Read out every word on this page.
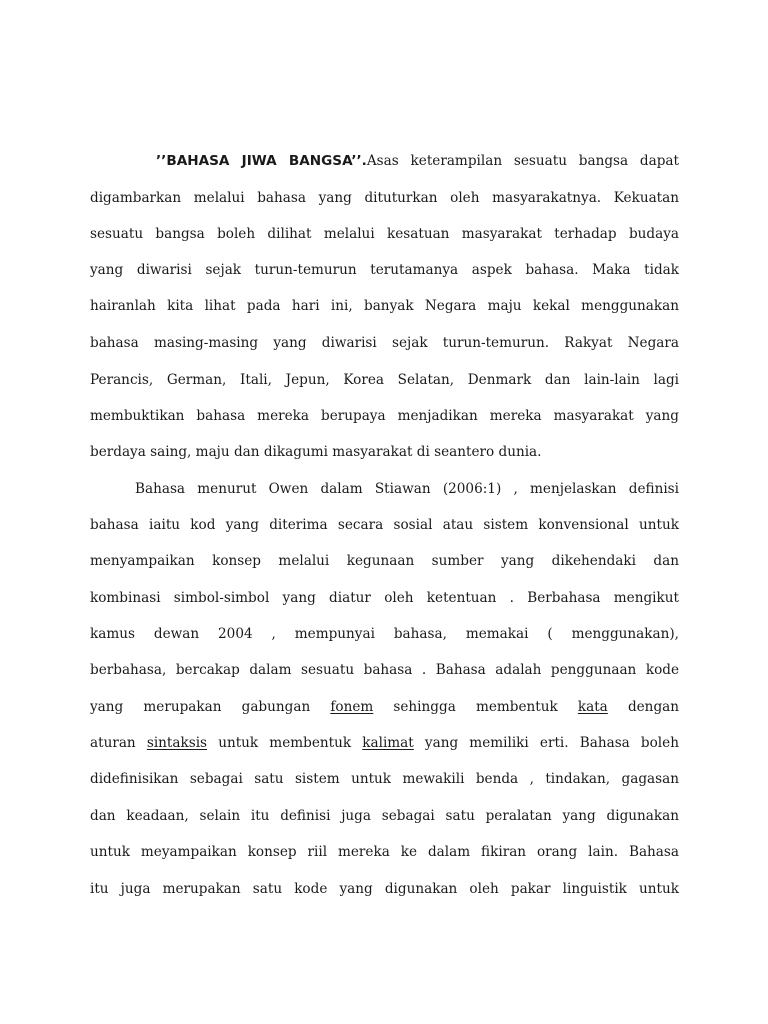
’’BAHASA JIWA BANGSA’’.Asas keterampilan sesuatu bangsa dapat
digambarkan melalui bahasa yang dituturkan oleh masyarakatnya. Kekuatan
sesuatu bangsa boleh dilihat melalui kesatuan masyarakat terhadap budaya
yang diwarisi sejak turun-temurun terutamanya aspek bahasa. Maka tidak
hairanlah kita lihat pada hari ini, banyak Negara maju kekal menggunakan
bahasa masing-masing yang diwarisi sejak turun-temurun. Rakyat Negara
Perancis, German, Itali, Jepun, Korea Selatan, Denmark dan lain-lain lagi
membuktikan bahasa mereka berupaya menjadikan mereka masyarakat yang
berdaya saing, maju dan dikagumi masyarakat di seantero dunia.
Bahasa menurut Owen dalam Stiawan (2006:1) , menjelaskan definisi
bahasa iaitu kod yang diterima secara sosial atau sistem konvensional untuk
menyampaikan konsep melalui kegunaan sumber yang dikehendaki dan
kombinasi simbol-simbol yang diatur oleh ketentuan . Berbahasa mengikut
kamus dewan 2004 , mempunyai bahasa, memakai ( menggunakan),
berbahasa, bercakap dalam sesuatu bahasa . Bahasa adalah penggunaan kode
yang merupakan gabungan fonem sehingga membentuk kata dengan
aturan sintaksis untuk membentuk kalimat yang memiliki erti. Bahasa boleh
didefinisikan sebagai satu sistem untuk mewakili benda , tindakan, gagasan
dan keadaan, selain itu definisi juga sebagai satu peralatan yang digunakan
untuk meyampaikan konsep riil mereka ke dalam fikiran orang lain. Bahasa
itu juga merupakan satu kode yang digunakan oleh pakar linguistik untuk
